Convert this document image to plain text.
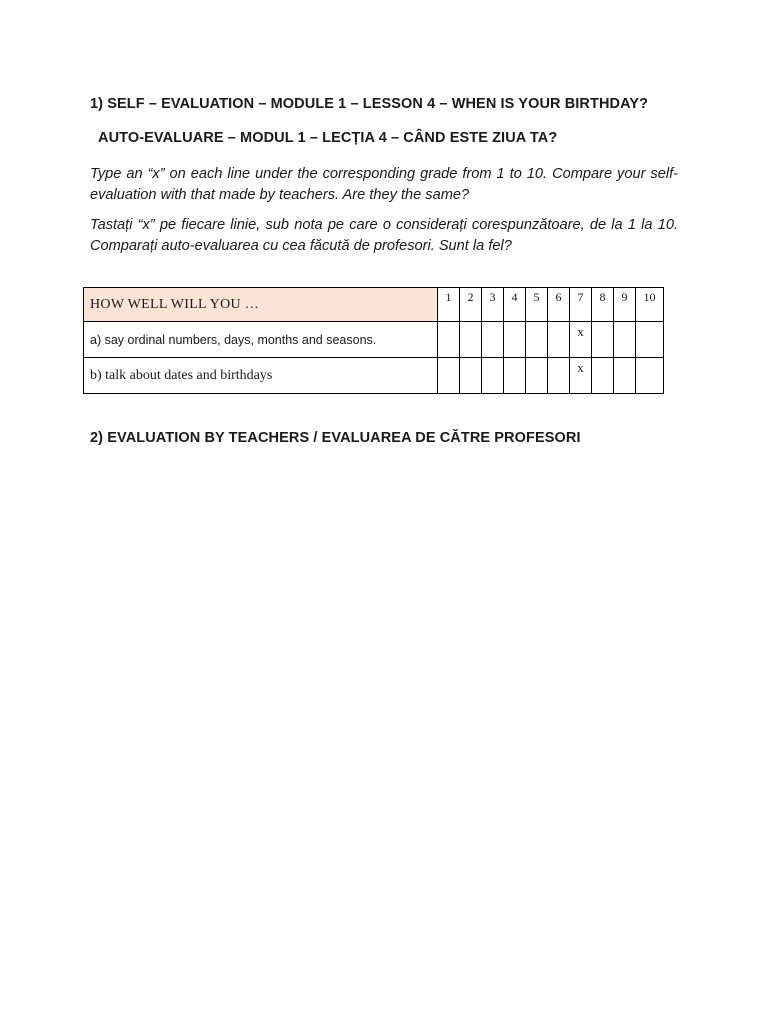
1) SELF – EVALUATION – MODULE 1 – LESSON 4 – WHEN IS YOUR BIRTHDAY?
AUTO-EVALUARE – MODUL 1 – LECȚIA 4 – CÂND ESTE ZIUA TA?
Type an “x” on each line under the corresponding grade from 1 to 10. Compare your self-evaluation with that made by teachers. Are they the same?
Tastați “x” pe fiecare linie, sub nota pe care o considerați corespunzătoare, de la 1 la 10. Comparați auto-evaluarea cu cea făcută de profesori. Sunt la fel?
HOW WELL WILL YOU …	1	2	3	4	5	6	7	8	9	10
a) say ordinal numbers, days, months and seasons.							x			
b) talk about dates and birthdays							x			
2) EVALUATION BY TEACHERS / EVALUAREA DE CĂTRE PROFESORI
